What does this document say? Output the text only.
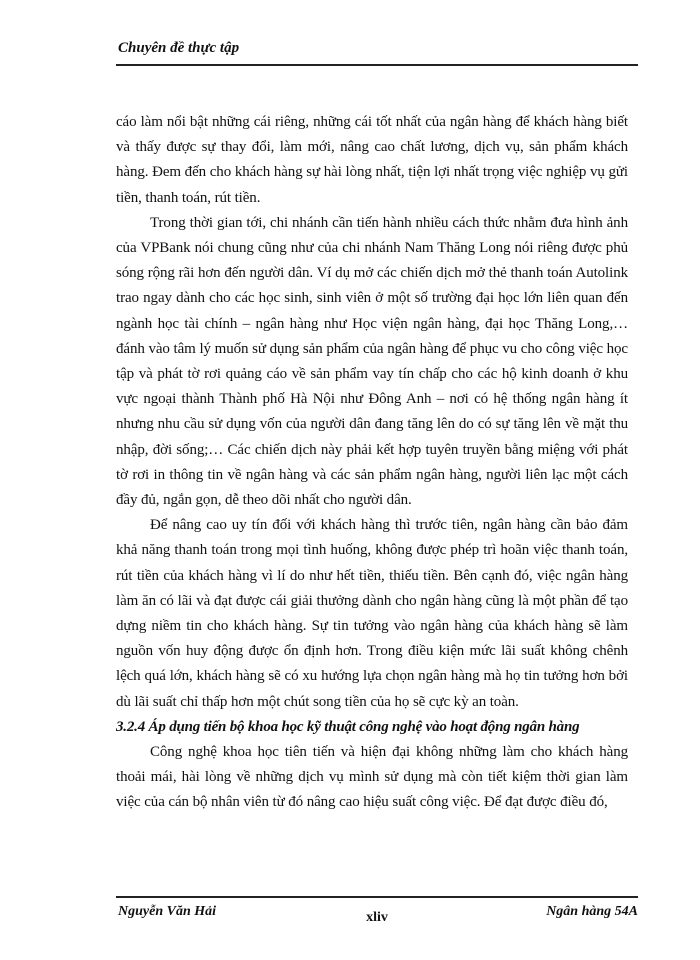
Chuyên đề thực tập

cáo làm nổi bật những cái riêng, những cái tốt nhất của ngân hàng để khách hàng biết và thấy được sự thay đổi, làm mới, nâng cao chất lương, dịch vụ, sản phẩm khách hàng. Đem đến cho khách hàng sự hài lòng nhất, tiện lợi nhất trọng việc nghiệp vụ gửi tiền, thanh toán, rút tiền.

Trong thời gian tới, chi nhánh cần tiến hành nhiều cách thức nhằm đưa hình ảnh của VPBank nói chung cũng như của chi nhánh Nam Thăng Long nói riêng được phủ sóng rộng rãi hơn đến người dân. Ví dụ mở các chiến dịch mở thẻ thanh toán Autolink trao ngay dành cho các học sinh, sinh viên ở một số trường đại học lớn liên quan đến ngành học tài chính – ngân hàng như Học viện ngân hàng, đại học Thăng Long,… đánh vào tâm lý muốn sử dụng sản phẩm của ngân hàng để phục vu cho công việc học tập và phát tờ rơi quảng cáo về sản phẩm vay tín chấp cho các hộ kinh doanh ở khu vực ngoại thành Thành phố Hà Nội như Đông Anh – nơi có hệ thống ngân hàng ít nhưng nhu cầu sử dụng vốn của người dân đang tăng lên do có sự tăng lên về mặt thu nhập, đời sống;… Các chiến dịch này phải kết hợp tuyên truyền bằng miệng với phát tờ rơi in thông tin về ngân hàng và các sản phẩm ngân hàng, người liên lạc một cách đầy đủ, ngắn gọn, dễ theo dõi nhất cho người dân.

Để nâng cao uy tín đối với khách hàng thì trước tiên, ngân hàng cần bảo đảm khả năng thanh toán trong mọi tình huống, không được phép trì hoãn việc thanh toán, rút tiền của khách hàng vì lí do như hết tiền, thiếu tiền. Bên cạnh đó, việc ngân hàng làm ăn có lãi và đạt được cái giải thưởng dành cho ngân hàng cũng là một phần để tạo dựng niềm tin cho khách hàng. Sự tin tưởng vào ngân hàng của khách hàng sẽ làm nguồn vốn huy động được ổn định hơn. Trong điều kiện mức lãi suất không chênh lệch quá lớn, khách hàng sẽ có xu hướng lựa chọn ngân hàng mà họ tin tưởng hơn bởi dù lãi suất chỉ thấp hơn một chút song tiền của họ sẽ cực kỳ an toàn.

3.2.4 Áp dụng tiến bộ khoa học kỹ thuật công nghệ vào hoạt động ngân hàng

Công nghệ khoa học tiên tiến và hiện đại không những làm cho khách hàng thoải mái, hài lòng về những dịch vụ mình sử dụng mà còn tiết kiệm thời gian làm việc của cán bộ nhân viên từ đó nâng cao hiệu suất công việc. Để đạt được điều đó,

Nguyễn Văn Hải	xliv	Ngân hàng 54A
